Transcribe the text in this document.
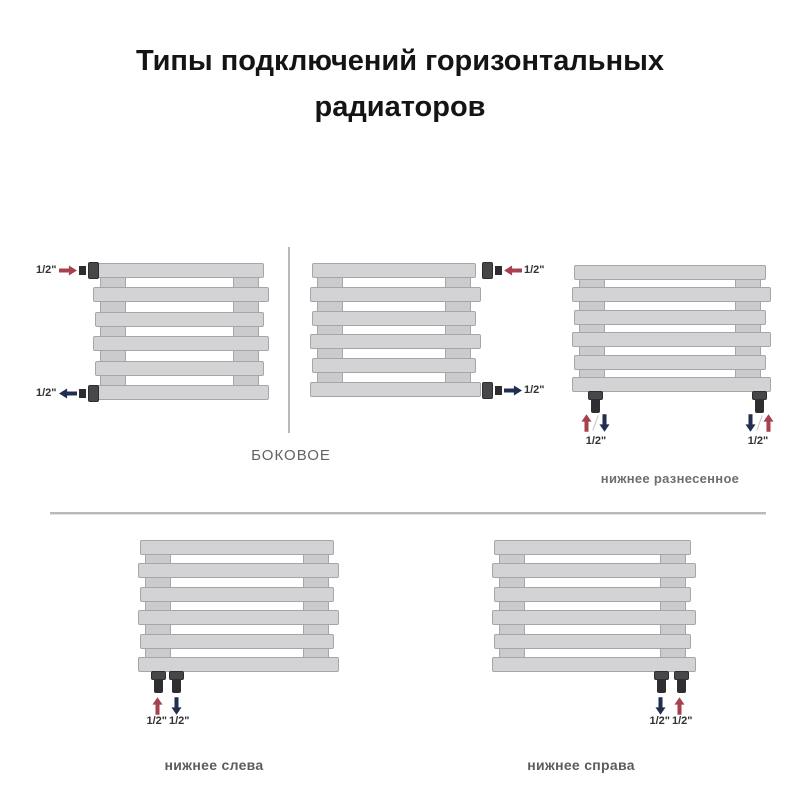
Типы подключений горизонтальных радиаторов
1/2"
1/2"
1/2"
1/2"
БОКОВОЕ
1/2"	1/2"
нижнее разнесенное
1/2" 1/2"
нижнее слева
1/2" 1/2"
нижнее справа
